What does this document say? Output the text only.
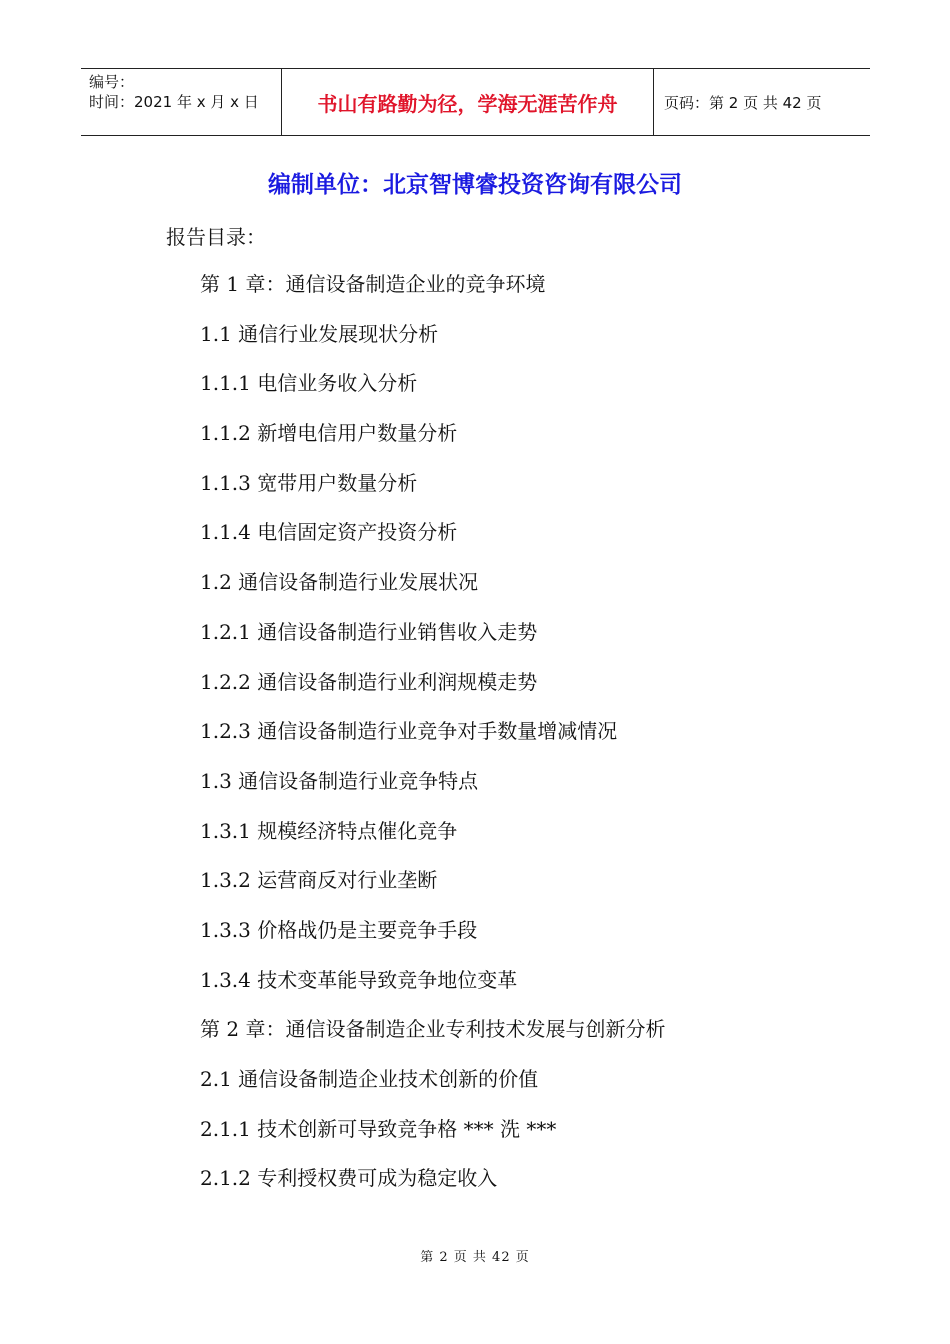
编号：
时间：2021 年 x 月 x 日	书山有路勤为径，学海无涯苦作舟	页码：第 2 页 共 42 页
编制单位：北京智博睿投资咨询有限公司
报告目录：
第 1 章：通信设备制造企业的竞争环境
1.1 通信行业发展现状分析
1.1.1 电信业务收入分析
1.1.2 新增电信用户数量分析
1.1.3 宽带用户数量分析
1.1.4 电信固定资产投资分析
1.2 通信设备制造行业发展状况
1.2.1 通信设备制造行业销售收入走势
1.2.2 通信设备制造行业利润规模走势
1.2.3 通信设备制造行业竞争对手数量增减情况
1.3 通信设备制造行业竞争特点
1.3.1 规模经济特点催化竞争
1.3.2 运营商反对行业垄断
1.3.3 价格战仍是主要竞争手段
1.3.4 技术变革能导致竞争地位变革
第 2 章：通信设备制造企业专利技术发展与创新分析
2.1 通信设备制造企业技术创新的价值
2.1.1 技术创新可导致竞争格 *** 洗 ***
2.1.2 专利授权费可成为稳定收入
第 2 页 共 42 页
